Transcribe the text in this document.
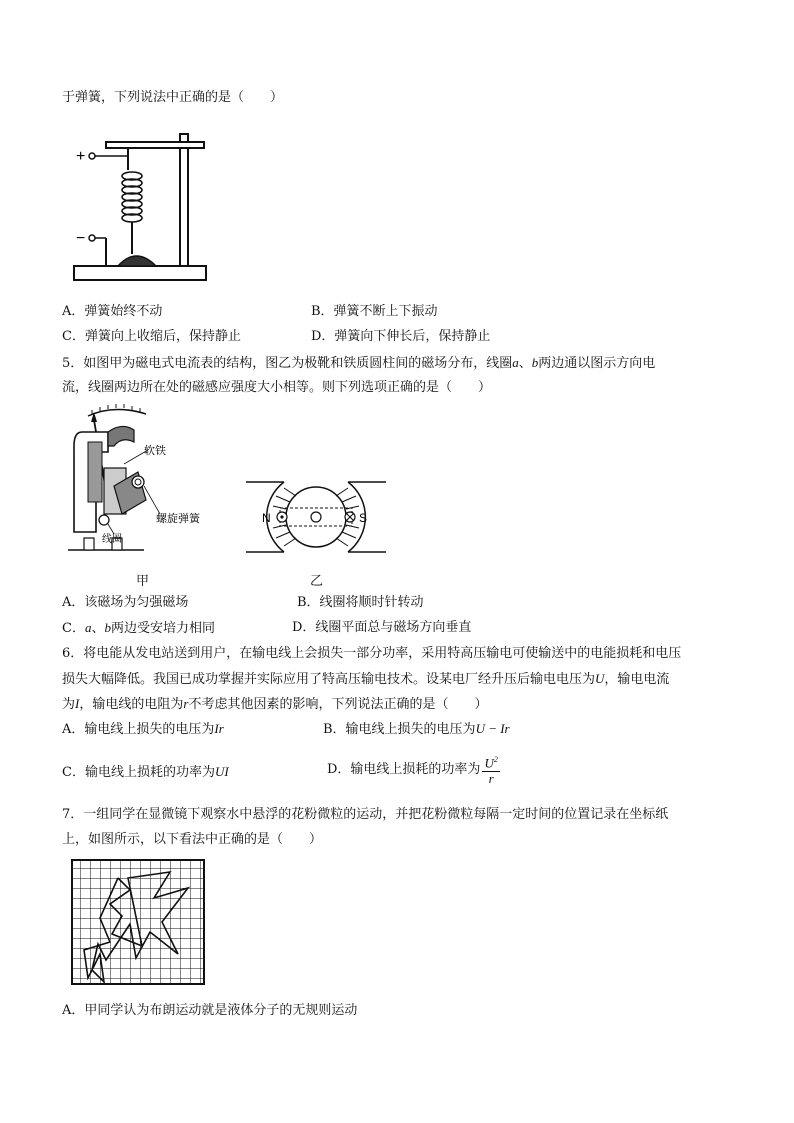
于弹簧，下列说法中正确的是（　　）
+
−
A．弹簧始终不动	B．弹簧不断上下振动
C．弹簧向上收缩后，保持静止	D．弹簧向下伸长后，保持静止
5．如图甲为磁电式电流表的结构，图乙为极靴和铁质圆柱间的磁场分布，线圈a、b两边通以图示方向电
流，线圈两边所在处的磁感应强度大小相等。则下列选项正确的是（　　）
软铁
螺旋弹簧
线圈
甲
N	S
乙
A．该磁场为匀强磁场	B．线圈将顺时针转动
C．a、b两边受安培力相同	D．线圈平面总与磁场方向垂直
6．将电能从发电站送到用户，在输电线上会损失一部分功率，采用特高压输电可使输送中的电能损耗和电压
损失大幅降低。我国已成功掌握并实际应用了特高压输电技术。设某电厂经升压后输电电压为U，输电电流
为I，输电线的电阻为r不考虑其他因素的影响，下列说法正确的是（　　）
A．输电线上损失的电压为Ir	B．输电线上损失的电压为U − Ir
C．输电线上损耗的功率为UI	D．输电线上损耗的功率为 $\frac{U^2}{r}$
7．一组同学在显微镜下观察水中悬浮的花粉微粒的运动，并把花粉微粒每隔一定时间的位置记录在坐标纸
上，如图所示，以下看法中正确的是（　　）
A．甲同学认为布朗运动就是液体分子的无规则运动
